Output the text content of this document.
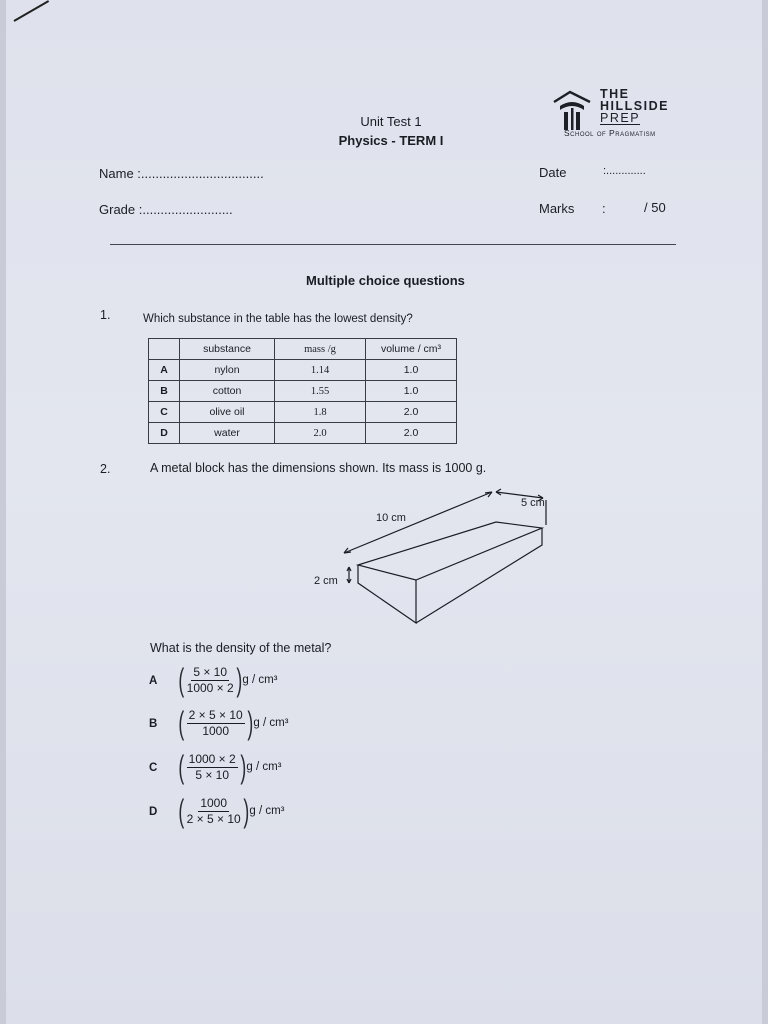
Unit Test 1
Physics - TERM I
THE
HILLSIDE
PREP
School of Pragmatism
Name :..................................
Grade :.........................
Date	:.............
Marks :	/ 50
Multiple choice questions
1.	Which substance in the table has the lowest density?
	substance	mass /g	volume / cm³
A	nylon	1.14	1.0
B	cotton	1.55	1.0
C	olive oil	1.8	2.0
D	water	2.0	2.0
2.	A metal block has the dimensions shown. Its mass is 1000 g.
10 cm
5 cm
2 cm
What is the density of the metal?
A ( $\frac{5 \times 10}{1000 \times 2}$ ) g / cm³
B ( $\frac{2 \times 5 \times 10}{1000}$ ) g / cm³
C ( $\frac{1000 \times 2}{5 \times 10}$ ) g / cm³
D ( $\frac{1000}{2 \times 5 \times 10}$ ) g / cm³
